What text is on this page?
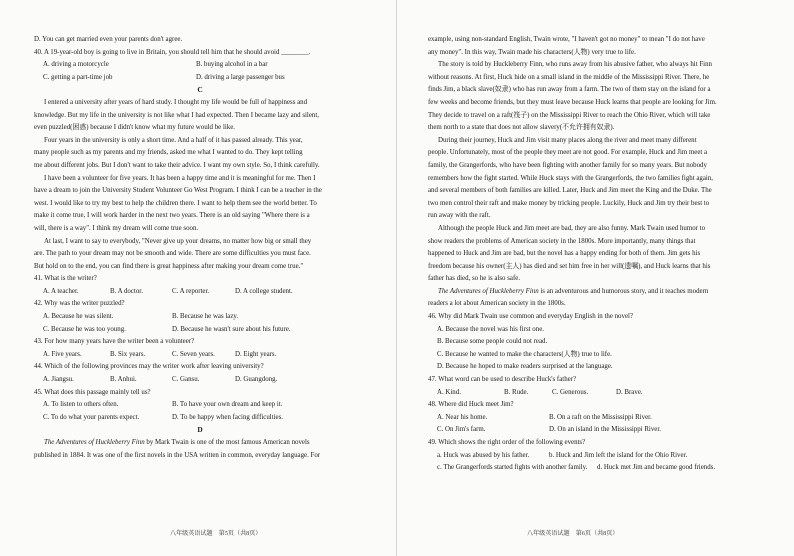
D. You can get married even your parents don't agree.
40. A 19-year-old boy is going to live in Britain, you should tell him that he should avoid ________.
A. driving a motorcycle	B. buying alcohol in a bar
C. getting a part-time job	D. driving a large passenger bus
C
I entered a university after years of hard study. I thought my life would be full of happiness and
knowledge. But my life in the university is not like what I had expected. Then I became lazy and silent,
even puzzled(困惑) because I didn't know what my future would be like.
Four years in the university is only a short time. And a half of it has passed already. This year,
many people such as my parents and my friends, asked me what I wanted to do. They kept telling
me about different jobs. But I don't want to take their advice. I want my own style. So, I think carefully.
I have been a volunteer for five years. It has been a happy time and it is meaningful for me. Then I
have a dream to join the University Student Volunteer Go West Program. I think I can be a teacher in the
west. I would like to try my best to help the children there. I want to help them see the world better. To
make it come true, I will work harder in the next two years. There is an old saying "Where there is a
will, there is a way". I think my dream will come true soon.
At last, I want to say to everybody, "Never give up your dreams, no matter how big or small they
are. The path to your dream may not be smooth and wide. There are some difficulties you must face.
But hold on to the end, you can find there is great happiness after making your dream come true."
41. What is the writer?
A. A teacher.	B. A doctor.	C. A reporter.	D. A college student.
42. Why was the writer puzzled?
A. Because he was silent.	B. Because he was lazy.
C. Because he was too young.	D. Because he wasn't sure about his future.
43. For how many years have the writer been a volunteer?
A. Five years.	B. Six years.	C. Seven years.	D. Eight years.
44. Which of the following provinces may the writer work after leaving university?
A. Jiangsu.	B. Anhui.	C. Gansu.	D. Guangdong.
45. What does this passage mainly tell us?
A. To listen to others often.	B. To have your own dream and keep it.
C. To do what your parents expect.	D. To be happy when facing difficulties.
D
The Adventures of Huckleberry Finn by Mark Twain is one of the most famous American novels
published in 1884. It was one of the first novels in the USA written in common, everyday language. For
八年级英语试题　第5页（共8页）	八年级英语试题　第6页（共8页）
example, using non-standard English, Twain wrote, "I haven't got no money" to mean "I do not have
any money". In this way, Twain made his characters(人物) very true to life.
The story is told by Huckleberry Finn, who runs away from his abusive father, who always hit Finn
without reasons. At first, Huck hide on a small island in the middle of the Mississippi River. There, he
finds Jim, a black slave(奴隶) who has run away from a farm. The two of them stay on the island for a
few weeks and become friends, but they must leave because Huck learns that people are looking for Jim.
They decide to travel on a raft(筏子) on the Mississippi River to reach the Ohio River, which will take
them north to a state that does not allow slavery(不允许拥有奴隶).
During their journey, Huck and Jim visit many places along the river and meet many different
people. Unfortunately, most of the people they meet are not good. For example, Huck and Jim meet a
family, the Grangerfords, who have been fighting with another family for so many years. But nobody
remembers how the fight started. While Huck stays with the Grangerfords, the two families fight again,
and several members of both families are killed. Later, Huck and Jim meet the King and the Duke. The
two men control their raft and make money by tricking people. Luckily, Huck and Jim try their best to
run away with the raft.
Although the people Huck and Jim meet are bad, they are also funny. Mark Twain used humor to
show readers the problems of American society in the 1800s. More importantly, many things that
happened to Huck and Jim are bad, but the novel has a happy ending for both of them. Jim gets his
freedom because his owner(主人) has died and set him free in her will(遗嘱), and Huck learns that his
father has died, so he is also safe.
The Adventures of Huckleberry Finn is an adventurous and humorous story, and it teaches modern
readers a lot about American society in the 1800s.
46. Why did Mark Twain use common and everyday English in the novel?
A. Because the novel was his first one.
B. Because some people could not read.
C. Because he wanted to make the characters(人物) true to life.
D. Because he hoped to make readers surprised at the language.
47. What word can be used to describe Huck's father?
A. Kind.	B. Rude.	C. Generous.	D. Brave.
48. Where did Huck meet Jim?
A. Near his home.	B. On a raft on the Mississippi River.
C. On Jim's farm.	D. On an island in the Mississippi River.
49. Which shows the right order of the following events?
a. Huck was abused by his father.	b. Huck and Jim left the island for the Ohio River.
c. The Grangerfords started fights with another family.	d. Huck met Jim and became good friends.
